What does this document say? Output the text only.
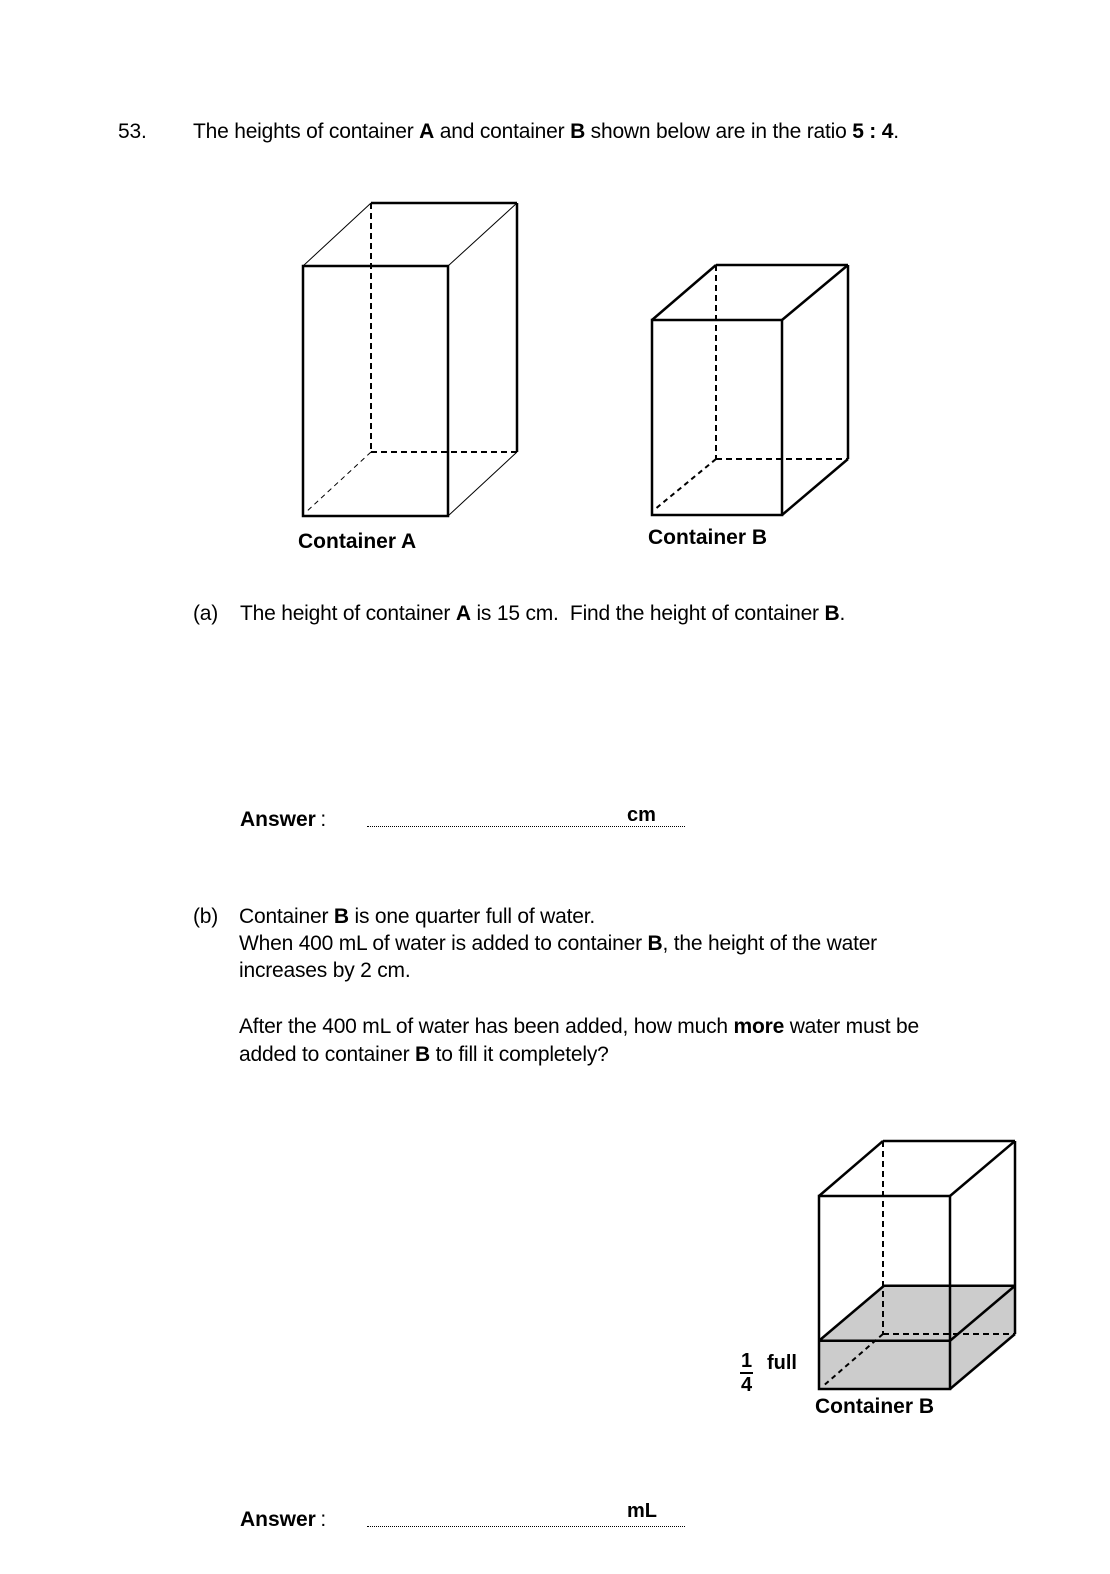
53. The heights of container A and container B shown below are in the ratio 5 : 4.
Container A	Container B
(a) The height of container A is 15 cm.  Find the height of container B.
Answer :	cm
(b) Container B is one quarter full of water.
When 400 mL of water is added to container B, the height of the water
increases by 2 cm.
After the 400 mL of water has been added, how much more water must be
added to container B to fill it completely?
$\frac{1}{4}$ full
Container B
Answer :	mL
